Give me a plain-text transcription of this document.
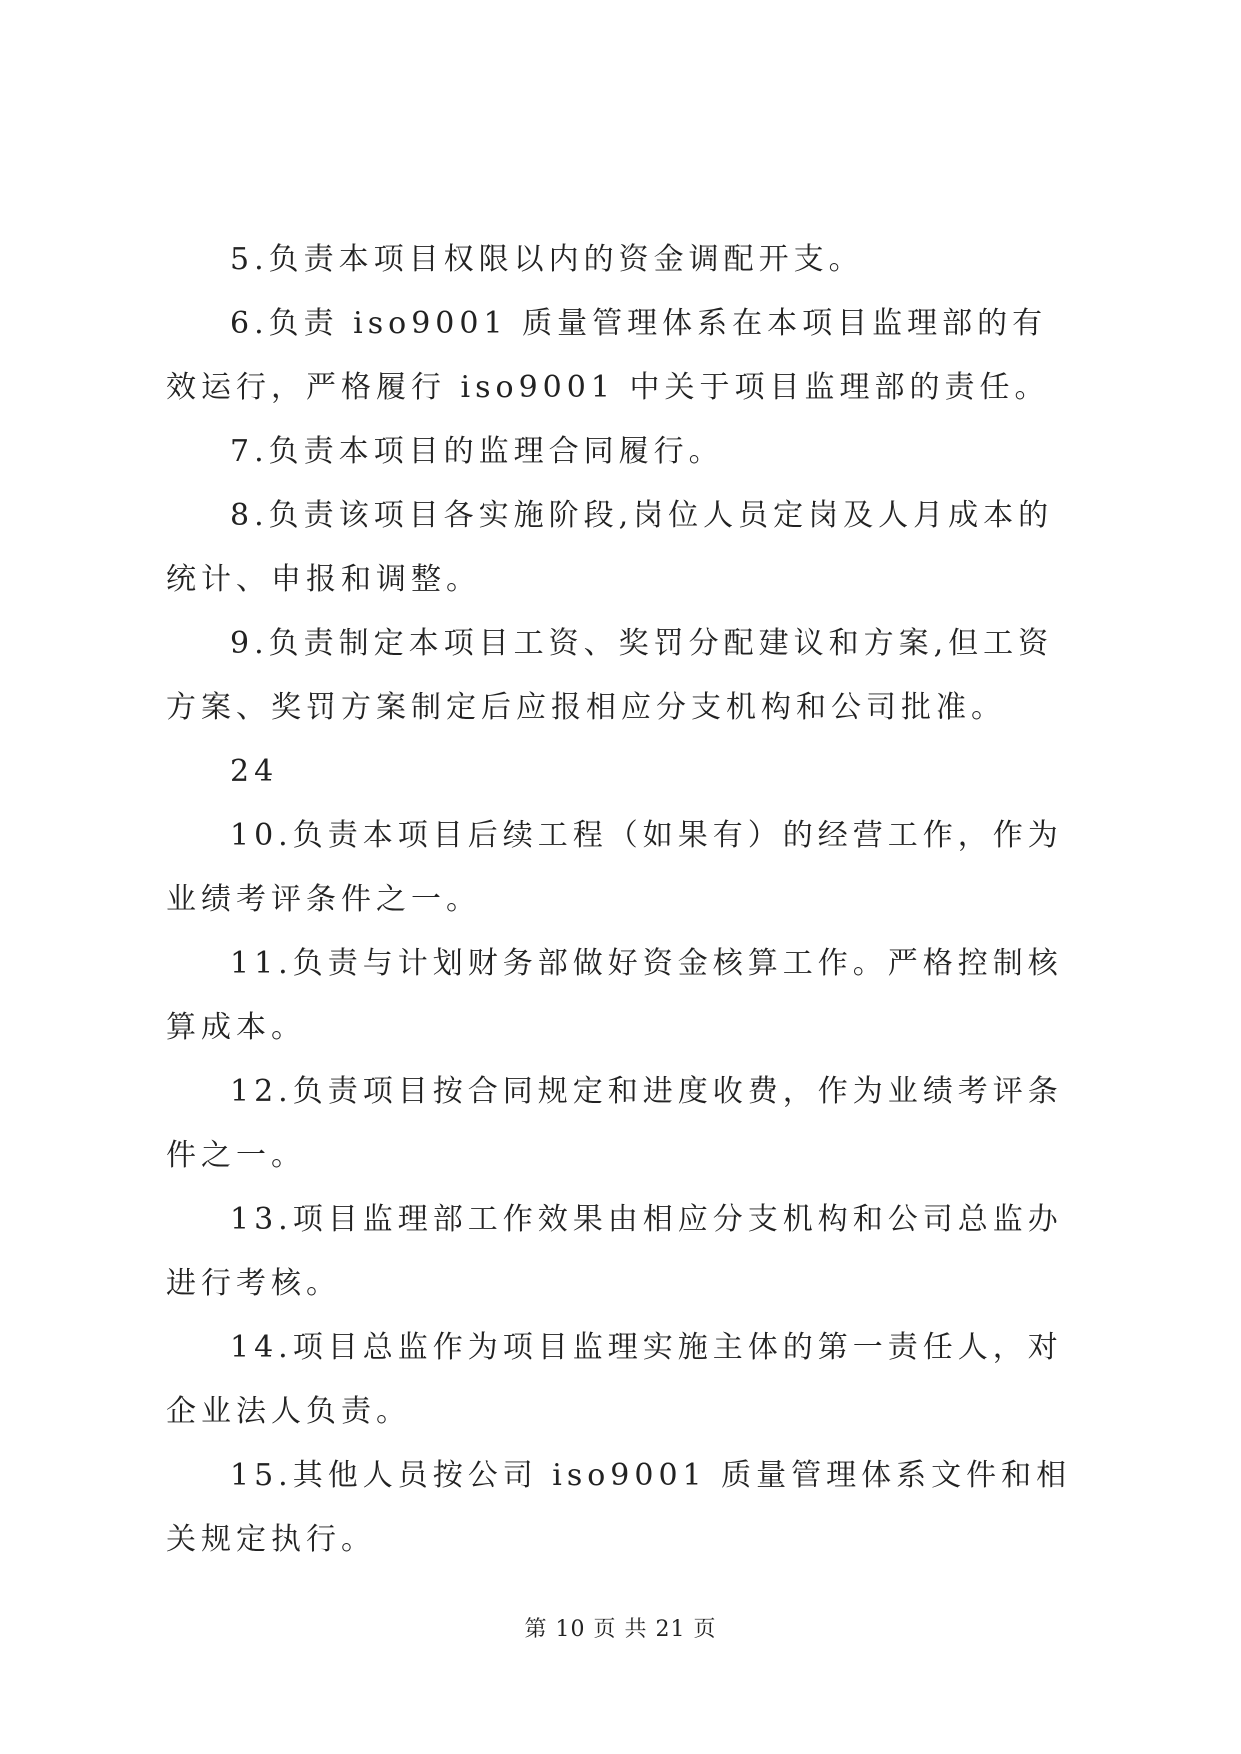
5.负责本项目权限以内的资金调配开支。

6.负责 iso9001 质量管理体系在本项目监理部的有效运行，严格履行 iso9001 中关于项目监理部的责任。

7.负责本项目的监理合同履行。

8.负责该项目各实施阶段,岗位人员定岗及人月成本的统计、申报和调整。

9.负责制定本项目工资、奖罚分配建议和方案,但工资方案、奖罚方案制定后应报相应分支机构和公司批准。

24

10.负责本项目后续工程（如果有）的经营工作，作为业绩考评条件之一。

11.负责与计划财务部做好资金核算工作。严格控制核算成本。

12.负责项目按合同规定和进度收费，作为业绩考评条件之一。

13.项目监理部工作效果由相应分支机构和公司总监办进行考核。

14.项目总监作为项目监理实施主体的第一责任人，对企业法人负责。

15.其他人员按公司 iso9001 质量管理体系文件和相关规定执行。

第 10 页 共 21 页
